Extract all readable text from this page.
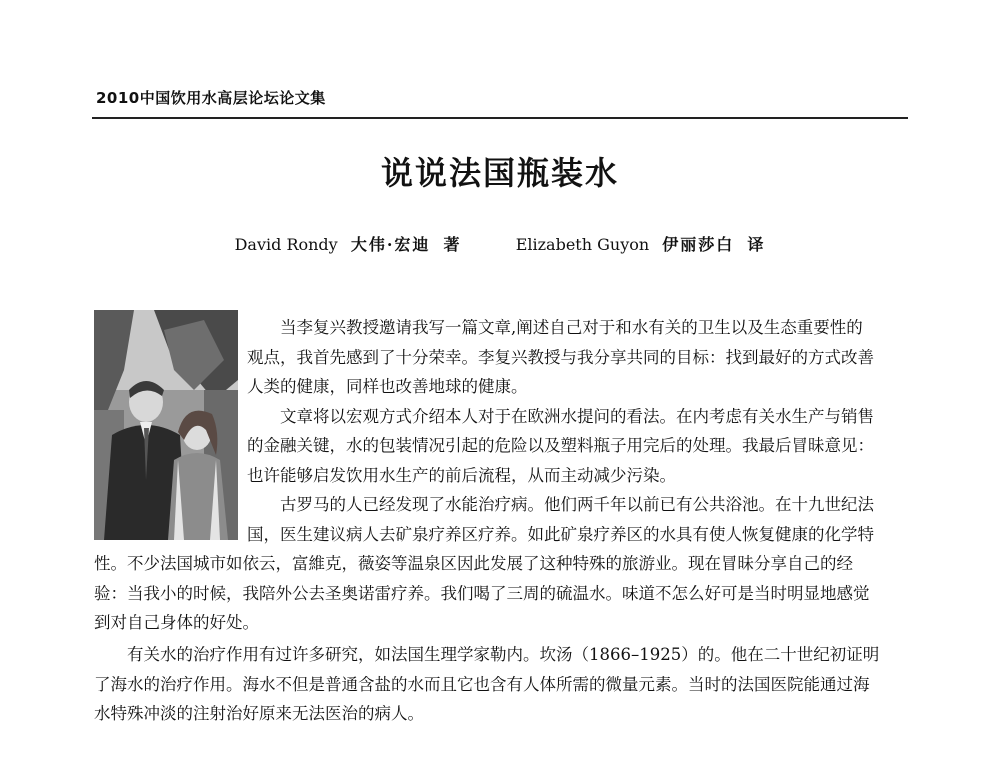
2010中国饮用水高层论坛论文集
说说法国瓶装水
David Rondy 大伟·宏迪 著	Elizabeth Guyon 伊丽莎白 译
　　当李复兴教授邀请我写一篇文章,阐述自己对于和水有关的卫生以及生态重要性的
观点，我首先感到了十分荣幸。李复兴教授与我分享共同的目标：找到最好的方式改善
人类的健康，同样也改善地球的健康。
　　文章将以宏观方式介绍本人对于在欧洲水提问的看法。在内考虑有关水生产与销售
的金融关键，水的包装情况引起的危险以及塑料瓶子用完后的处理。我最后冒昧意见：
也许能够启发饮用水生产的前后流程，从而主动减少污染。
　　古罗马的人已经发现了水能治疗病。他们两千年以前已有公共浴池。在十九世纪法
国，医生建议病人去矿泉疗养区疗养。如此矿泉疗养区的水具有使人恢复健康的化学特
性。不少法国城市如依云，富維克，薇姿等温泉区因此发展了这种特殊的旅游业。现在冒昧分享自己的经
验：当我小的时候，我陪外公去圣奥诺雷疗养。我们喝了三周的硫温水。味道不怎么好可是当时明显地感觉
到对自己身体的好处。
　　有关水的治疗作用有过许多研究，如法国生理学家勒内。坎汤（1866–1925）的。他在二十世纪初证明
了海水的治疗作用。海水不但是普通含盐的水而且它也含有人体所需的微量元素。当时的法国医院能通过海
水特殊冲淡的注射治好原来无法医治的病人。
